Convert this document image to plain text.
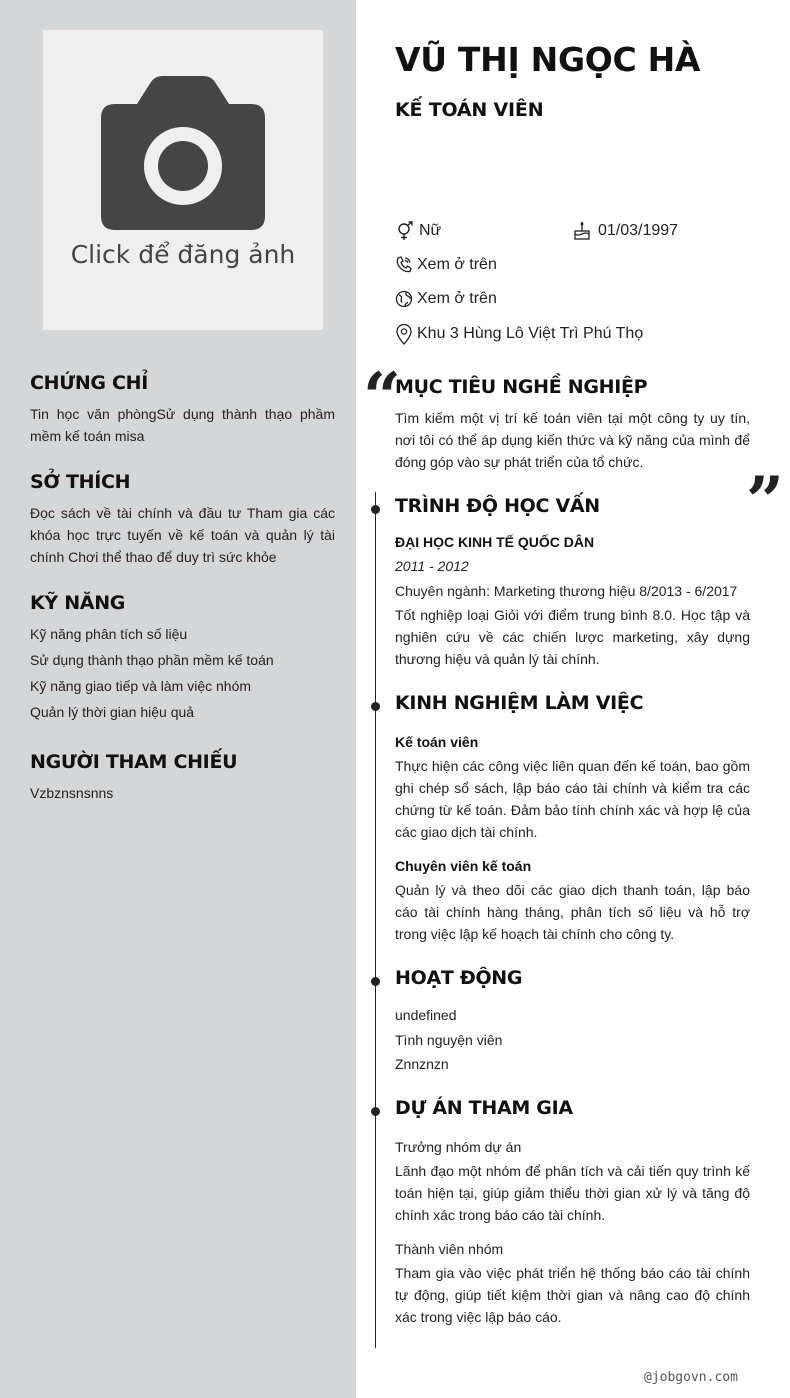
Click để đăng ảnh
CHỨNG CHỈ

Tin học văn phòngSử dụng thành thạo phầm mềm kế toán misa

SỞ THÍCH

Đọc sách về tài chính và đầu tư Tham gia các khóa học trực tuyến về kế toán và quản lý tài chính Chơi thể thao để duy trì sức khỏe

KỸ NĂNG
Kỹ năng phân tích số liệu
Sử dụng thành thạo phần mềm kế toán
Kỹ năng giao tiếp và làm việc nhóm
Quản lý thời gian hiệu quả
NGƯỜI THAM CHIẾU

Vzbznsnsnns

VŨ THỊ NGỌC HÀ
KẾ TOÁN VIÊN
Nữ	01/03/1997
Xem ở trên
Xem ở trên
Khu 3 Hùng Lô Việt Trì Phú Thọ
“
”
MỤC TIÊU NGHỀ NGHIỆP
Tìm kiếm một vị trí kế toán viên tại một công ty uy tín, nơi tôi có thể áp dụng kiến thức và kỹ năng của mình để đóng góp vào sự phát triển của tổ chức.
TRÌNH ĐỘ HỌC VẤN
ĐẠI HỌC KINH TẾ QUỐC DÂN
2011 - 2012
Chuyên ngành: Marketing thương hiệu 8/2013 - 6/2017
Tốt nghiệp loại Giỏi với điểm trung bình 8.0. Học tập và nghiên cứu về các chiến lược marketing, xây dựng thương hiệu và quản lý tài chính.
KINH NGHIỆM LÀM VIỆC
Kế toán viên
Thực hiện các công việc liên quan đến kế toán, bao gồm ghi chép sổ sách, lập báo cáo tài chính và kiểm tra các chứng từ kế toán. Đảm bảo tính chính xác và hợp lệ của các giao dịch tài chính.
Chuyên viên kế toán
Quản lý và theo dõi các giao dịch thanh toán, lập báo cáo tài chính hàng tháng, phân tích số liệu và hỗ trợ trong việc lập kế hoạch tài chính cho công ty.
HOẠT ĐỘNG
undefined
Tình nguyện viên
Znnznzn
DỰ ÁN THAM GIA
Trưởng nhóm dự án
Lãnh đạo một nhóm để phân tích và cải tiến quy trình kế toán hiện tại, giúp giảm thiểu thời gian xử lý và tăng độ chính xác trong báo cáo tài chính.
Thành viên nhóm
Tham gia vào việc phát triển hệ thống báo cáo tài chính tự động, giúp tiết kiệm thời gian và nâng cao độ chính xác trong việc lập báo cáo.
@jobgovn.com
